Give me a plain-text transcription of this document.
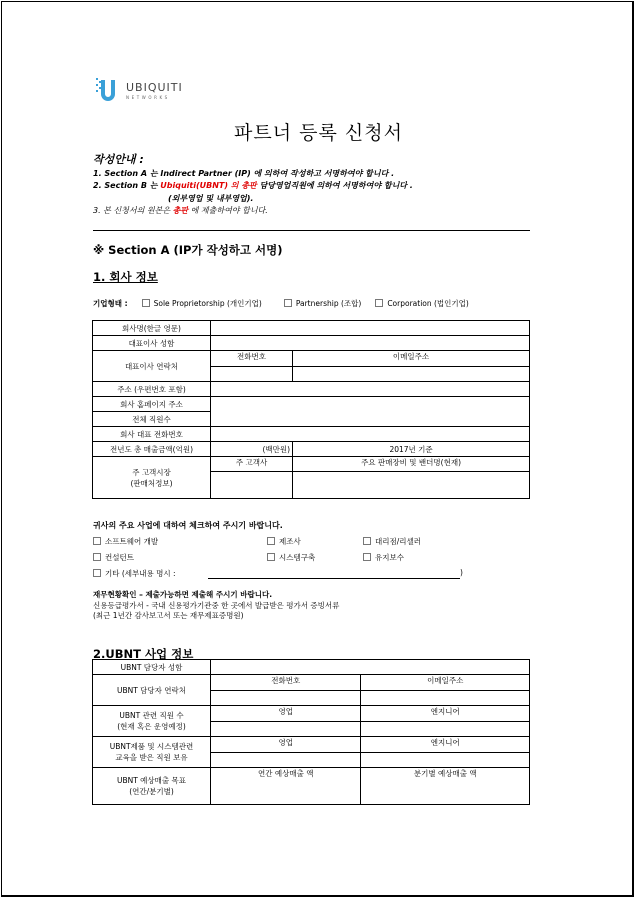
UBIQUITI
NETWORKS
파트너 등록 신청서
작성안내 :
1. Section A 는 Indirect Partner (IP) 에 의하여 작성하고 서명하여야 합니다 .
2. Section B 는 Ubiquiti(UBNT) 의 총판 담당영업직원에 의하여 서명하여야 합니다 .
(외부영업 및 내부영업).
3. 본 신청서의 원본은 총판 에 제출하여야 합니다.
※ Section A (IP가 작성하고 서명)
1. 회사 정보
기업형태 :	Sole Proprietorship (개인기업)	Partnership (조합)	Corporation (법인기업)
회사명(한글 영문)		
대표이사 성함		
대표이사 연락처	전화번호	이메일주소

주소 (우편번호 포함)		
회사 홈페이지 주소		
전체 직원수		
회사 대표 전화번호		
전년도 총 매출금액(억원)	(백만원)	2017년 기준
주 고객시장
(판매처정보)	주 고객사	주요 판매장비 및 밴더명(현재)

귀사의 주요 사업에 대하여 체크하여 주시기 바랍니다.
소프트웨어 개발	제조사	대리점/리셀러
컨설턴트	시스템구축	유지보수
기타 (세부내용 명시 :	)
재무현황확인 – 제출가능하면 제출해 주시기 바랍니다.
신용등급평가서 - 국내 신용평가기관중 한 곳에서 발급받은 평가서 증빙서류
(최근 1년간 감사보고서 또는 재무제표증명원)
2.UBNT 사업 정보
UBNT 담당자 성함		
UBNT 담당자 연락처	전화번호	이메일주소

UBNT 관련 직원 수
(현재 혹은 운영예정)	영업	엔지니어

UBNT제품 및 시스템관련
교육을 받은 직원 보유	영업	엔지니어

UBNT 예상매출 목표
(연간/분기별)	연간 예상매출 액	분기별 예상매출 액
